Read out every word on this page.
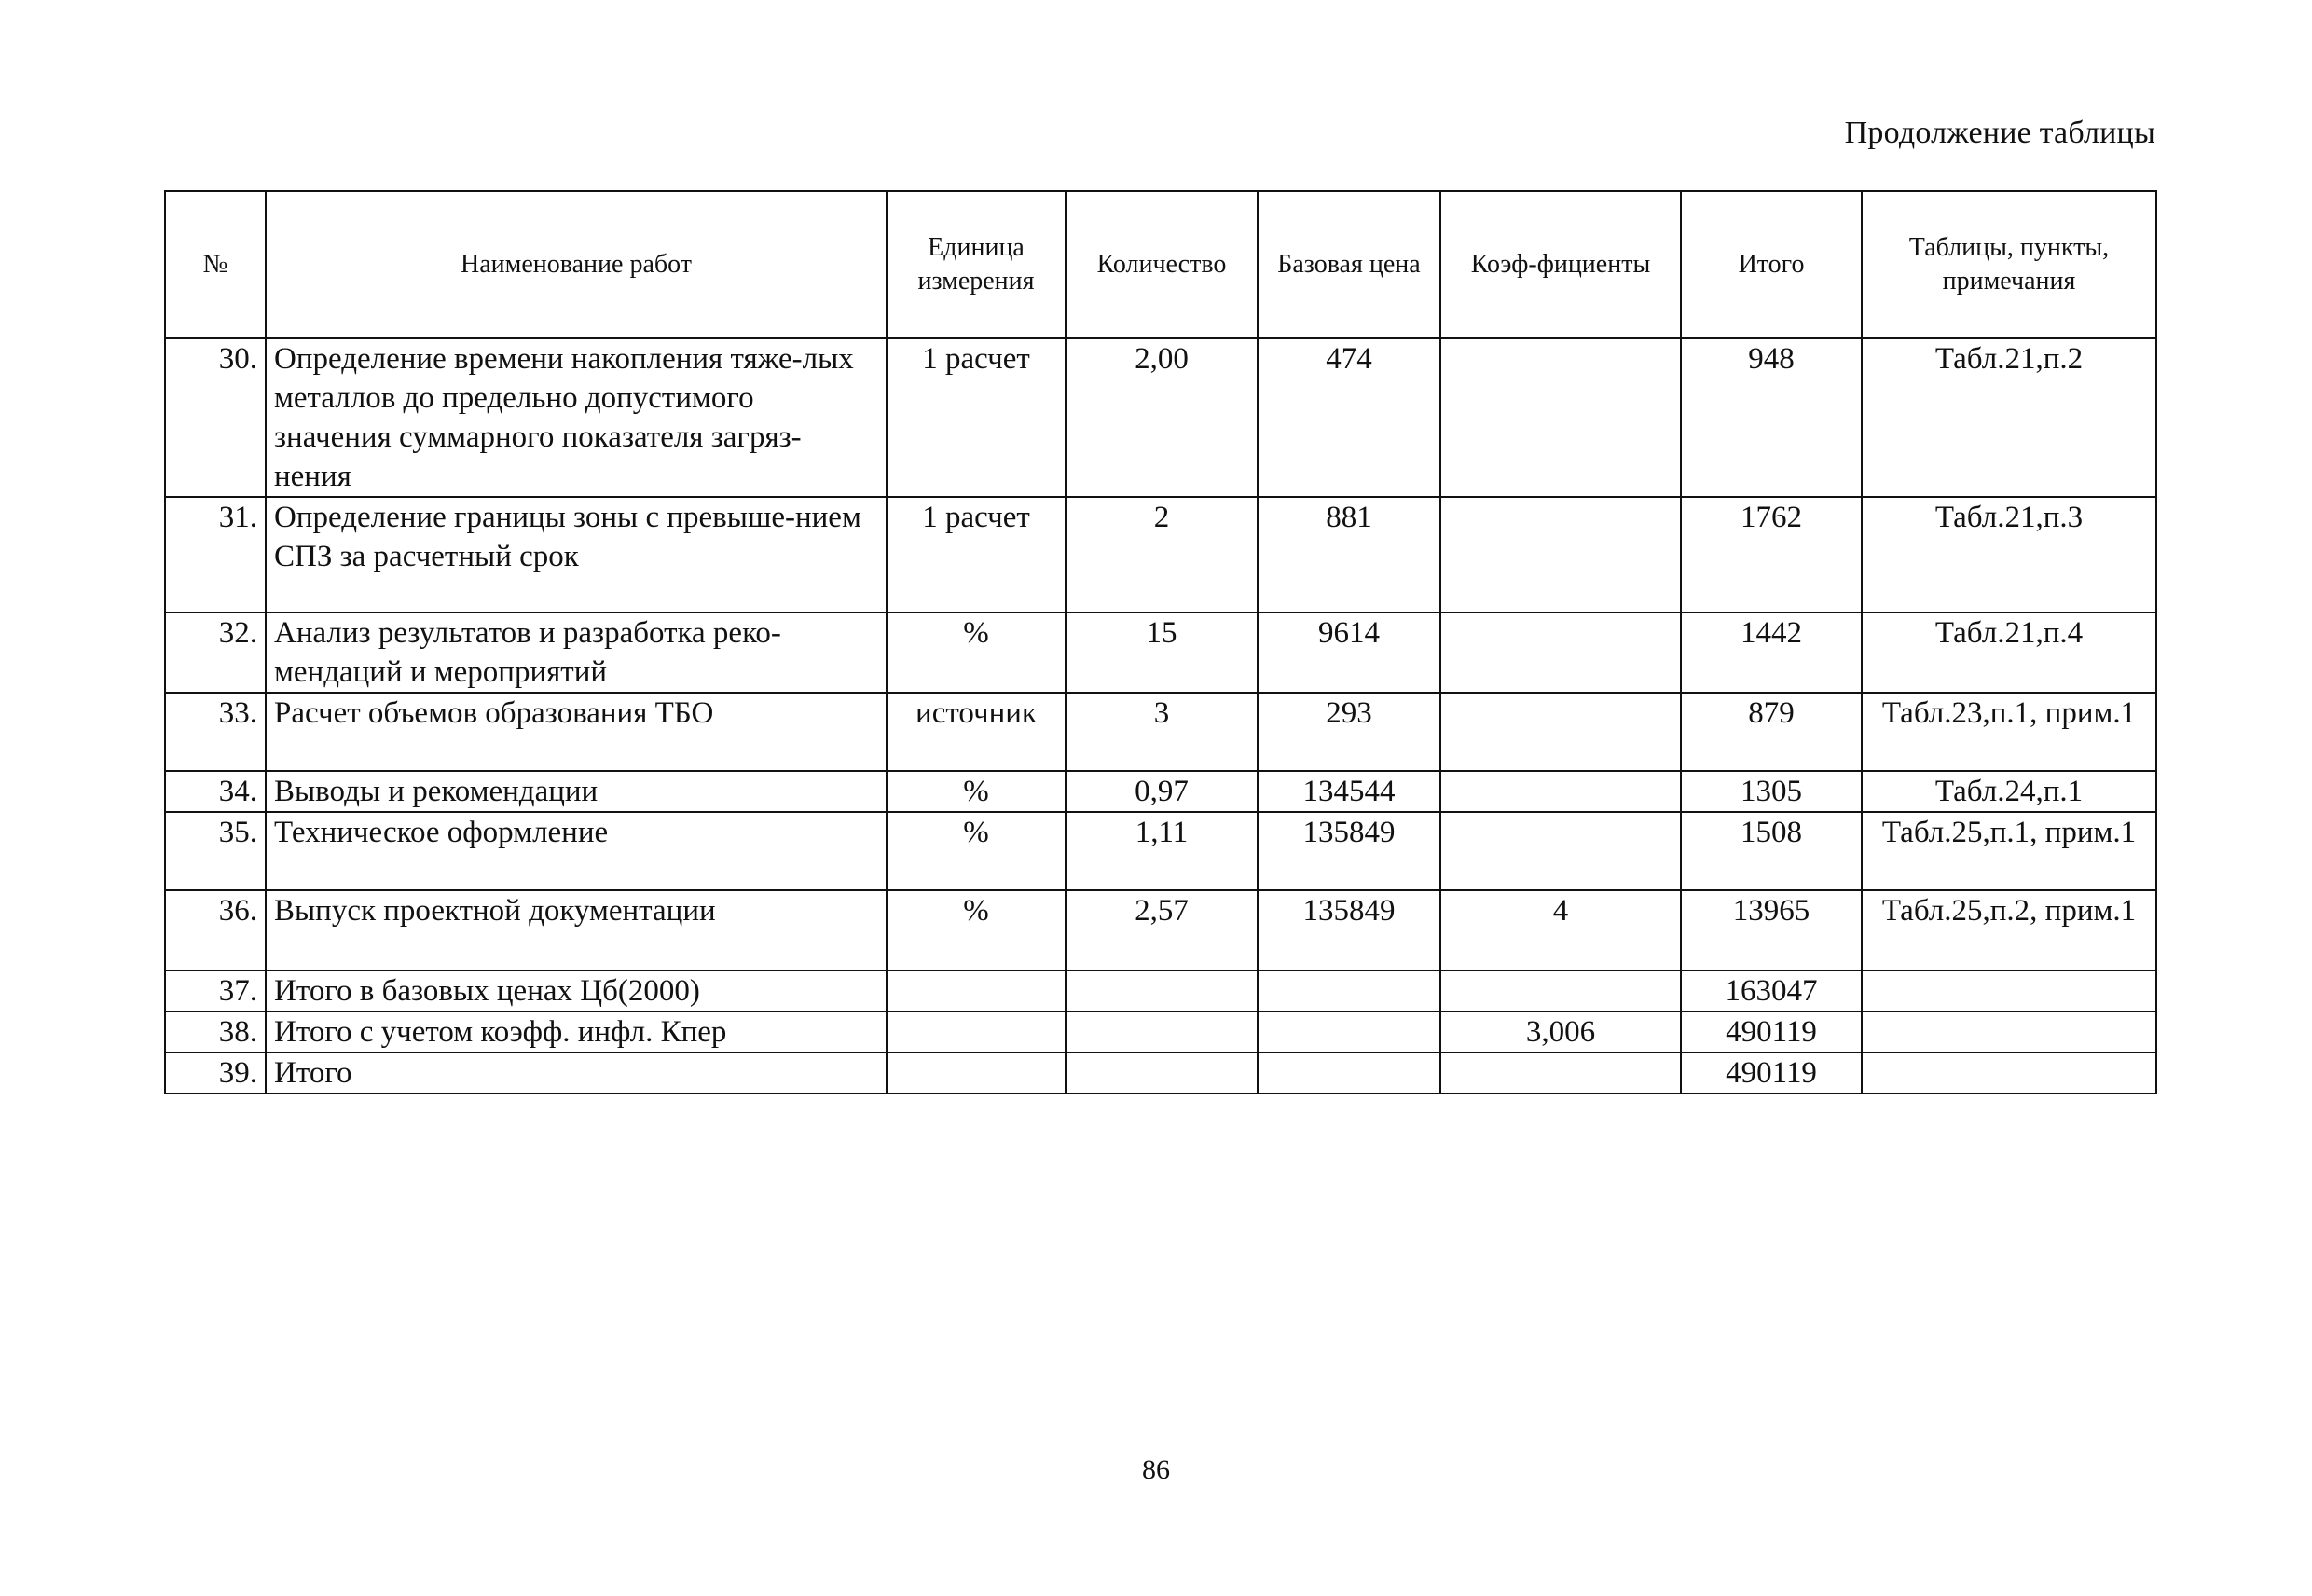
Продолжение таблицы
№	Наименование работ	Единица измерения	Количество	Базовая цена	Коэф-фициенты	Итого	Таблицы, пункты, примечания
30.	Определение времени накопления тяже-лых металлов до предельно допустимого значения суммарного показателя загряз-нения	1 расчет	2,00	474		948	Табл.21,п.2
31.	Определение границы зоны с превыше-нием СПЗ за расчетный срок	1 расчет	2	881		1762	Табл.21,п.3
32.	Анализ результатов и разработка реко-мендаций и мероприятий	%	15	9614		1442	Табл.21,п.4
33.	Расчет объемов образования ТБО	источник	3	293		879	Табл.23,п.1, прим.1
34.	Выводы и рекомендации	%	0,97	134544		1305	Табл.24,п.1
35.	Техническое оформление	%	1,11	135849		1508	Табл.25,п.1, прим.1
36.	Выпуск проектной документации	%	2,57	135849	4	13965	Табл.25,п.2, прим.1
37.	Итого в базовых ценах Цб(2000)					163047	
38.	Итого с учетом коэфф. инфл. Кпер				3,006	490119	
39.	Итого					490119	
86
